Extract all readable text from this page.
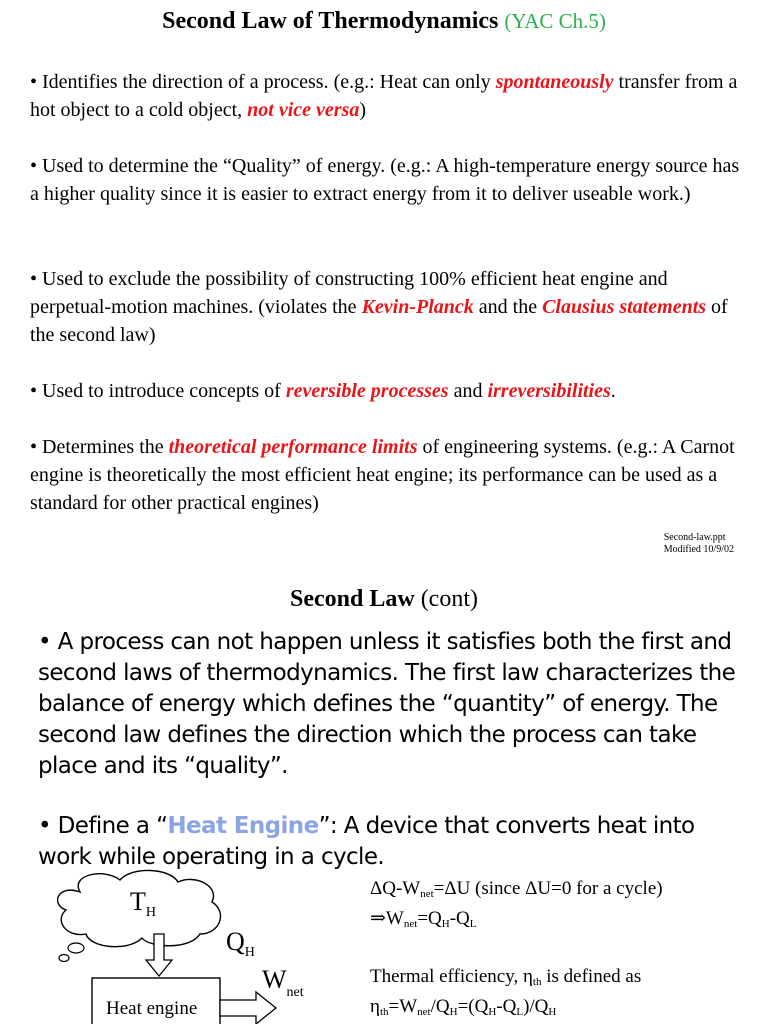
Second Law of Thermodynamics (YAC Ch.5)
• Identifies the direction of a process. (e.g.: Heat can only spontaneously transfer from a hot object to a cold object, not vice versa)
• Used to determine the “Quality” of energy. (e.g.: A high-temperature energy source has a higher quality since it is easier to extract energy from it to deliver useable work.)
• Used to exclude the possibility of constructing 100% efficient heat engine and perpetual-motion machines. (violates the Kevin-Planck and the Clausius statements of the second law)
• Used to introduce concepts of reversible processes and irreversibilities.
• Determines the theoretical performance limits of engineering systems. (e.g.: A Carnot engine is theoretically the most efficient heat engine; its performance can be used as a standard for other practical engines)
Second-law.ppt
Modified 10/9/02
Second Law (cont)
• A process can not happen unless it satisfies both the first and second laws of thermodynamics. The first law characterizes the balance of energy which defines the “quantity” of energy. The second law defines the direction which the process can take place and its “quality”.
• Define a “Heat Engine”: A device that converts heat into work while operating in a cycle.
$T_H$
$Q_H$
Heat engine
$W_{net}$
$\Delta Q-W_{net}=\Delta U$ (since ΔU=0 for a cycle)
$\Rightarrow W_{net}=Q_H-Q_L$
Thermal efficiency, $\eta_{th}$ is defined as
$\eta_{th}=W_{net}/Q_H=(Q_H-Q_L)/Q_H$
